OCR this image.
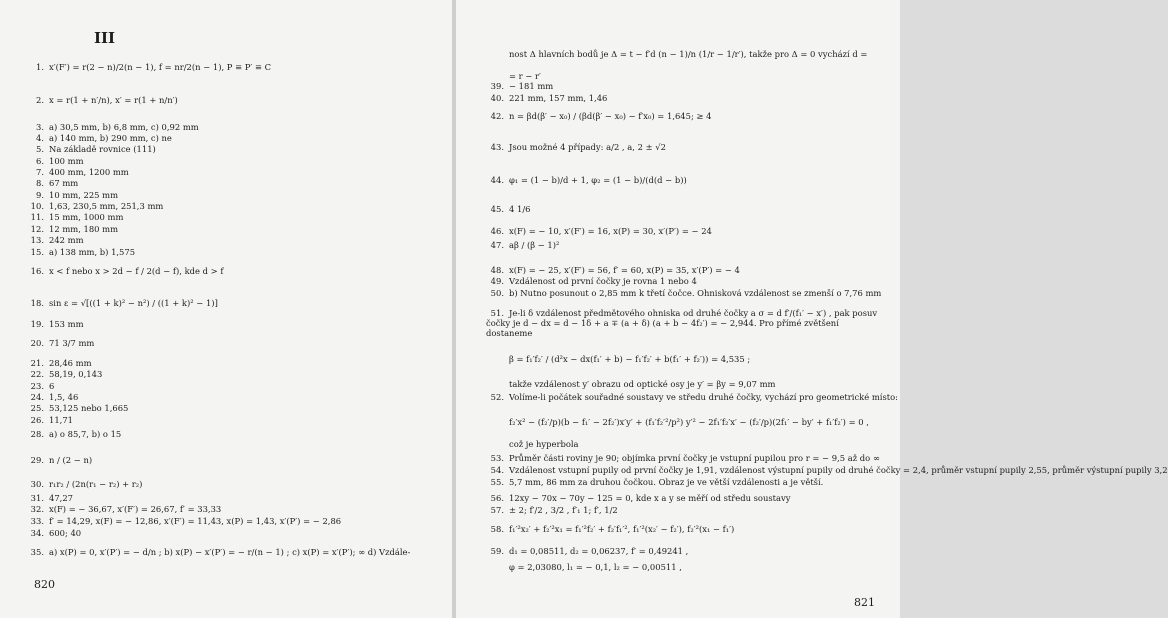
III
1. x′(F′) = r(2 − n)/2(n − 1), f = nr/2(n − 1), P ≡ P′ ≡ C
2. x = r(1 + n′/n), x′ = r(1 + n/n′)
3. a) 30,5 mm, b) 6,8 mm, c) 0,92 mm
4. a) 140 mm, b) 290 mm, c) ne
5. Na základě rovnice (111)
6. 100 mm
7. 400 mm, 1200 mm
8. 67 mm
9. 10 mm, 225 mm
10. 1,63, 230,5 mm, 251,3 mm
11. 15 mm, 1000 mm
12. 12 mm, 180 mm
13. 242 mm
15. a) 138 mm, b) 1,575
16. x < f nebo x > 2d − f / 2(d − f), kde d > f
18. sin ε = √[((1 + k)² − n²) / ((1 + k)² − 1)]
19. 153 mm
20. 71 3/7 mm
21. 28,46 mm
22. 58,19, 0,143
23. 6
24. 1,5, 46
25. 53,125 nebo 1,665
26. 11,71
28. a) o 85,7, b) o 15
29. n / (2 − n)
30. r₁r₂ / (2n(r₁ − r₂) + r₂)
31. 47,27
32. x(F) = − 36,67, x′(F′) = 26,67, f′ = 33,33
33. f′ = 14,29, x(F) = − 12,86, x′(F′) = 11,43, x(P) = 1,43, x′(P′) = − 2,86
34. 600; 40
35. a) x(P) = 0, x′(P′) = − d/n ; b) x(P) − x′(P′) = − r/(n − 1) ; c) x(P) = x′(P′); ∞ d) Vzdále-
820
nost Δ hlavních bodů je Δ = t − f′d (n − 1)/n (1/r − 1/r′), takže pro Δ = 0 vychází d =
= r − r′
39. − 181 mm
40. 221 mm, 157 mm, 1,46
42. n = βd(β′ − x₀) / (βd(β′ − x₀) − f′x₀) = 1,645; ≥ 4
43. Jsou možné 4 případy: a/2 , a, 2 ± √2
44. φ₁ = (1 − b)/d + 1, φ₂ = (1 − b)/(d(d − b))
45. 4 1/6
46. x(F) = − 10, x′(F′) = 16, x(P) = 30, x′(P′) = − 24
47. aβ / (β − 1)²
48. x(F) = − 25, x′(F′) = 56, f′ = 60, x(P) = 35, x′(P′) = − 4
49. Vzdálenost od první čočky je rovna 1 nebo 4
50. b) Nutno posunout o 2,85 mm k třetí čočce. Ohnisková vzdálenost se zmenší o 7,76 mm
51. Je-li δ vzdálenost předmětového ohniska od druhé čočky a σ = d f′/(f₁′ − x′) , pak posuv čočky je d − dx = d − 1δ + a ∓ (a + δ) (a + b − 4f₂′) = − 2,944. Pro přímé zvětšení dostaneme
β = f₁′f₂′ / (d²x − dx(f₁′ + b) − f₁′f₂′ + b(f₁′ + f₂′)) = 4,535 ;
takže vzdálenost y′ obrazu od optické osy je y′ = βy = 9,07 mm
52. Volíme-li počátek souřadné soustavy ve středu druhé čočky, vychází pro geometrické místo:
f₂′x² − (f₂′/p)(b − f₁′ − 2f₂′)x′y′ + (f₁′f₂′²/p²) y′² − 2f₁′f₂′x′ − (f₂′/p)(2f₁′ − by′ + f₁′f₂′) = 0 ,
což je hyperbola
53. Průměr části roviny je 90; objímka první čočky je vstupní pupilou pro r = − 9,5 až do ∞
54. Vzdálenost vstupní pupily od první čočky je 1,91, vzdálenost výstupní pupily od druhé čočky = 2,4, průměr vstupní pupily 2,55, průměr výstupní pupily 3,2
55. 5,7 mm, 86 mm za druhou čočkou. Obraz je ve větší vzdálenosti a je větší.
56. 12xy − 70x − 70y − 125 = 0, kde x a y se měří od středu soustavy
57. ± 2; f′/2 , 3/2 , f′₁ 1; f′, 1/2
58. f₁′²x₂′ + f₂′²x₁ = f₁′²f₂′ + f₂′f₁′², f₁′²(x₂′ − f₂′), f₂′²(x₁ − f₁′)
59. d₁ = 0,08511, d₂ = 0,06237, f′ = 0,49241 ,
φ = 2,03080, l₁ = − 0,1, l₂ = − 0,00511 ,
821
